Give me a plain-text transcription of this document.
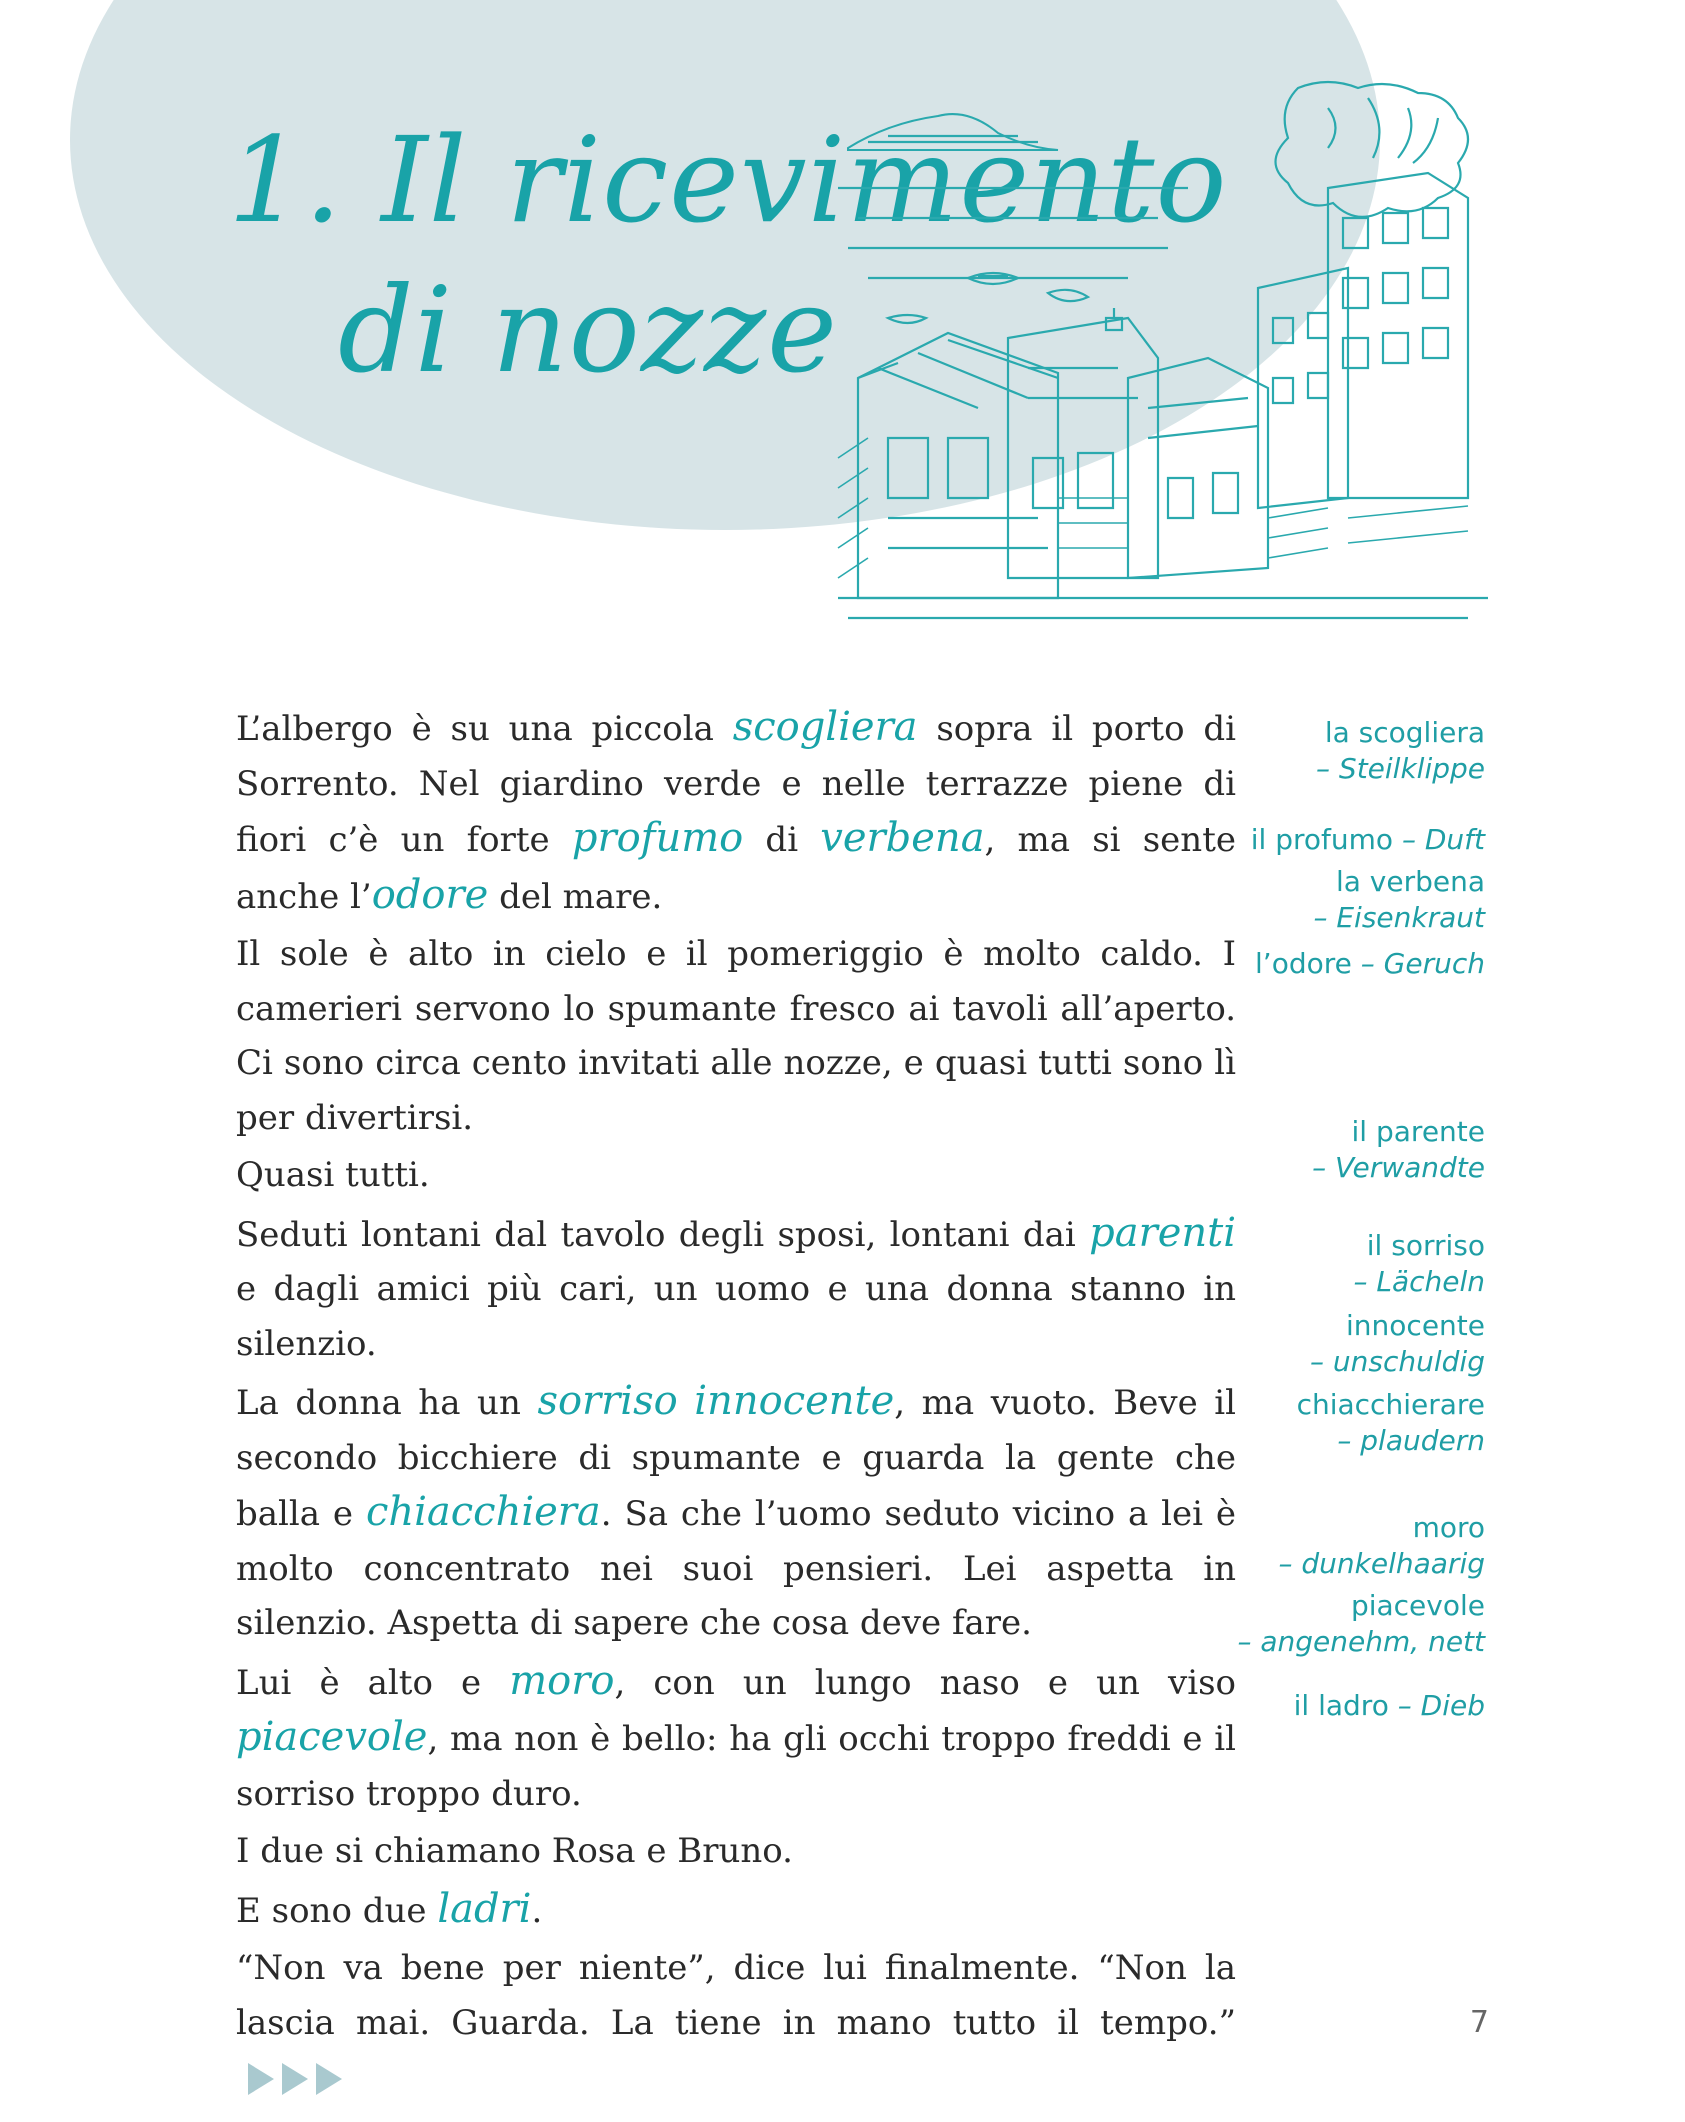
1. Il ricevimento
di nozze

L’albergo è su una piccola scogliera sopra il porto di Sorrento. Nel giardino verde e nelle terrazze piene di fiori c’è un forte profumo di verbena, ma si sente anche l’odore del mare.

Il sole è alto in cielo e il pomeriggio è molto caldo. I camerieri servono lo spumante fresco ai tavoli all’aperto. Ci sono circa cento invitati alle nozze, e quasi tutti sono lì per divertirsi.

Quasi tutti.

Seduti lontani dal tavolo degli sposi, lontani dai parenti e dagli amici più cari, un uomo e una donna stanno in silenzio.

La donna ha un sorriso innocente, ma vuoto. Beve il secondo bicchiere di spumante e guarda la gente che balla e chiacchiera. Sa che l’uomo seduto vicino a lei è molto concentrato nei suoi pensieri. Lei aspetta in silenzio. Aspetta di sapere che cosa deve fare.

Lui è alto e moro, con un lungo naso e un viso piacevole, ma non è bello: ha gli occhi troppo freddi e il sorriso troppo duro.

I due si chiamano Rosa e Bruno.

E sono due ladri.

“Non va bene per niente”, dice lui finalmente. “Non la lascia mai. Guarda. La tiene in mano tutto il tempo.”

la scogliera
– Steilklippe
il profumo – Duft
la verbena
– Eisenkraut
l’odore – Geruch
il parente
– Verwandte
il sorriso
– Lächeln
innocente
– unschuldig
chiacchierare
– plaudern
moro
– dunkelhaarig
piacevole
– angenehm, nett
il ladro – Dieb
7
